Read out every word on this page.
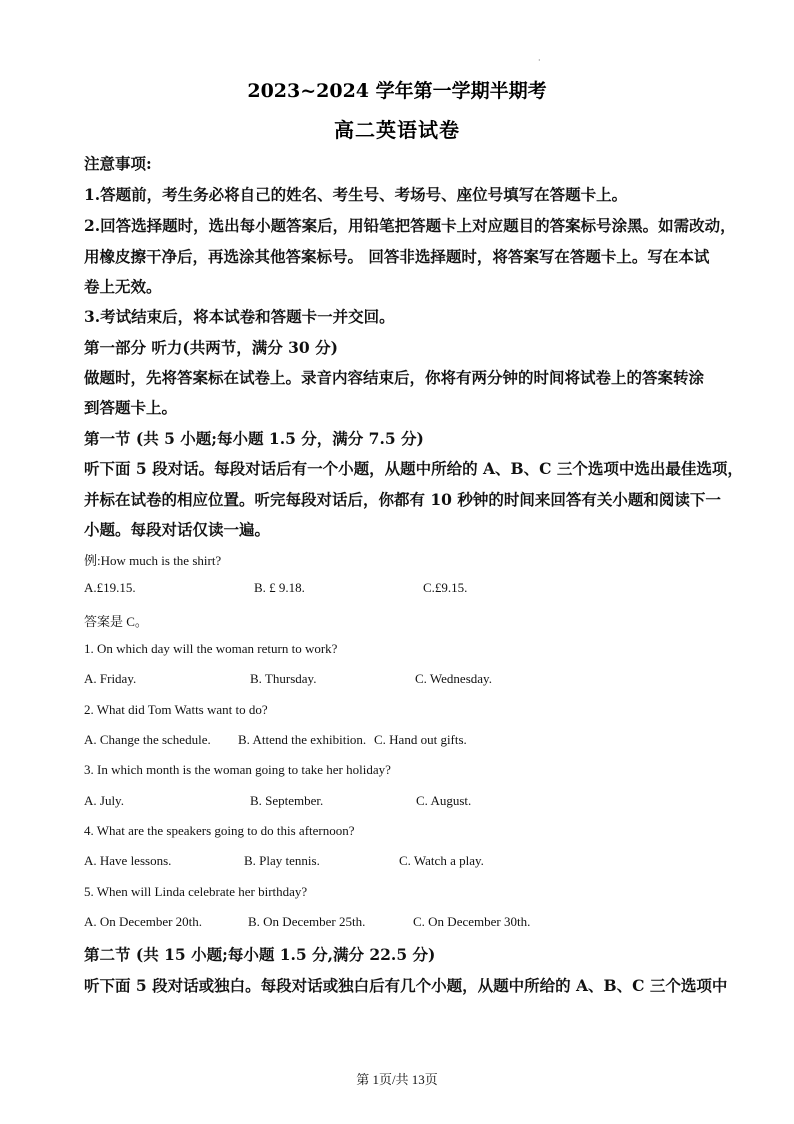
·
2023~2024 学年第一学期半期考
高二英语试卷
注意事项:
1.答题前，考生务必将自己的姓名、考生号、考场号、座位号填写在答题卡上。
2.回答选择题时，选出每小题答案后，用铅笔把答题卡上对应题目的答案标号涂黑。如需改动，
用橡皮擦干净后，再选涂其他答案标号。 回答非选择题时，将答案写在答题卡上。写在本试
卷上无效。
3.考试结束后，将本试卷和答题卡一并交回。
第一部分 听力(共两节，满分 30 分)
做题时，先将答案标在试卷上。录音内容结束后，你将有两分钟的时间将试卷上的答案转涂
到答题卡上。
第一节 (共 5 小题;每小题 1.5 分，满分 7.5 分)
听下面 5 段对话。每段对话后有一个小题，从题中所给的 A、B、C 三个选项中选出最佳选项，
并标在试卷的相应位置。听完每段对话后，你都有 10 秒钟的时间来回答有关小题和阅读下一
小题。每段对话仅读一遍。
例:How much is the shirt?
A.£19.15.	B. £ 9.18.	C.£9.15.
答案是 C。
1. On which day will the woman return to work?
A. Friday.	B. Thursday.	C. Wednesday.
2. What did Tom Watts want to do?
A. Change the schedule. B. Attend the exhibition. C. Hand out gifts.
3. In which month is the woman going to take her holiday?
A. July.	B. September.	C. August.
4. What are the speakers going to do this afternoon?
A. Have lessons.	B. Play tennis.	C. Watch a play.
5. When will Linda celebrate her birthday?
A. On December 20th.	B. On December 25th.	C. On December 30th.
第二节 (共 15 小题;每小题 1.5 分,满分 22.5 分)
听下面 5 段对话或独白。每段对话或独白后有几个小题，从题中所给的 A、B、C 三个选项中
第 1页/共 13页
